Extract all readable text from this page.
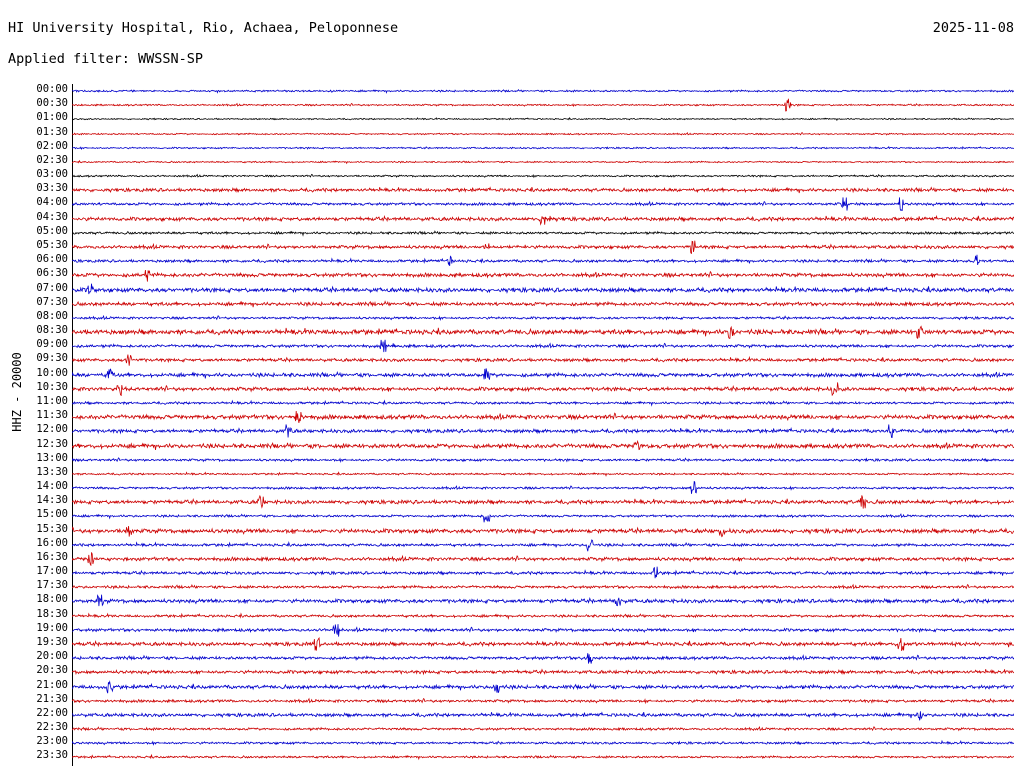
HI University Hospital, Rio, Achaea, Peloponnese	2025-11-08
Applied filter: WWSSN-SP
HHZ - 20000
00:00
00:30
01:00
01:30
02:00
02:30
03:00
03:30
04:00
04:30
05:00
05:30
06:00
06:30
07:00
07:30
08:00
08:30
09:00
09:30
10:00
10:30
11:00
11:30
12:00
12:30
13:00
13:30
14:00
14:30
15:00
15:30
16:00
16:30
17:00
17:30
18:00
18:30
19:00
19:30
20:00
20:30
21:00
21:30
22:00
22:30
23:00
23:30
